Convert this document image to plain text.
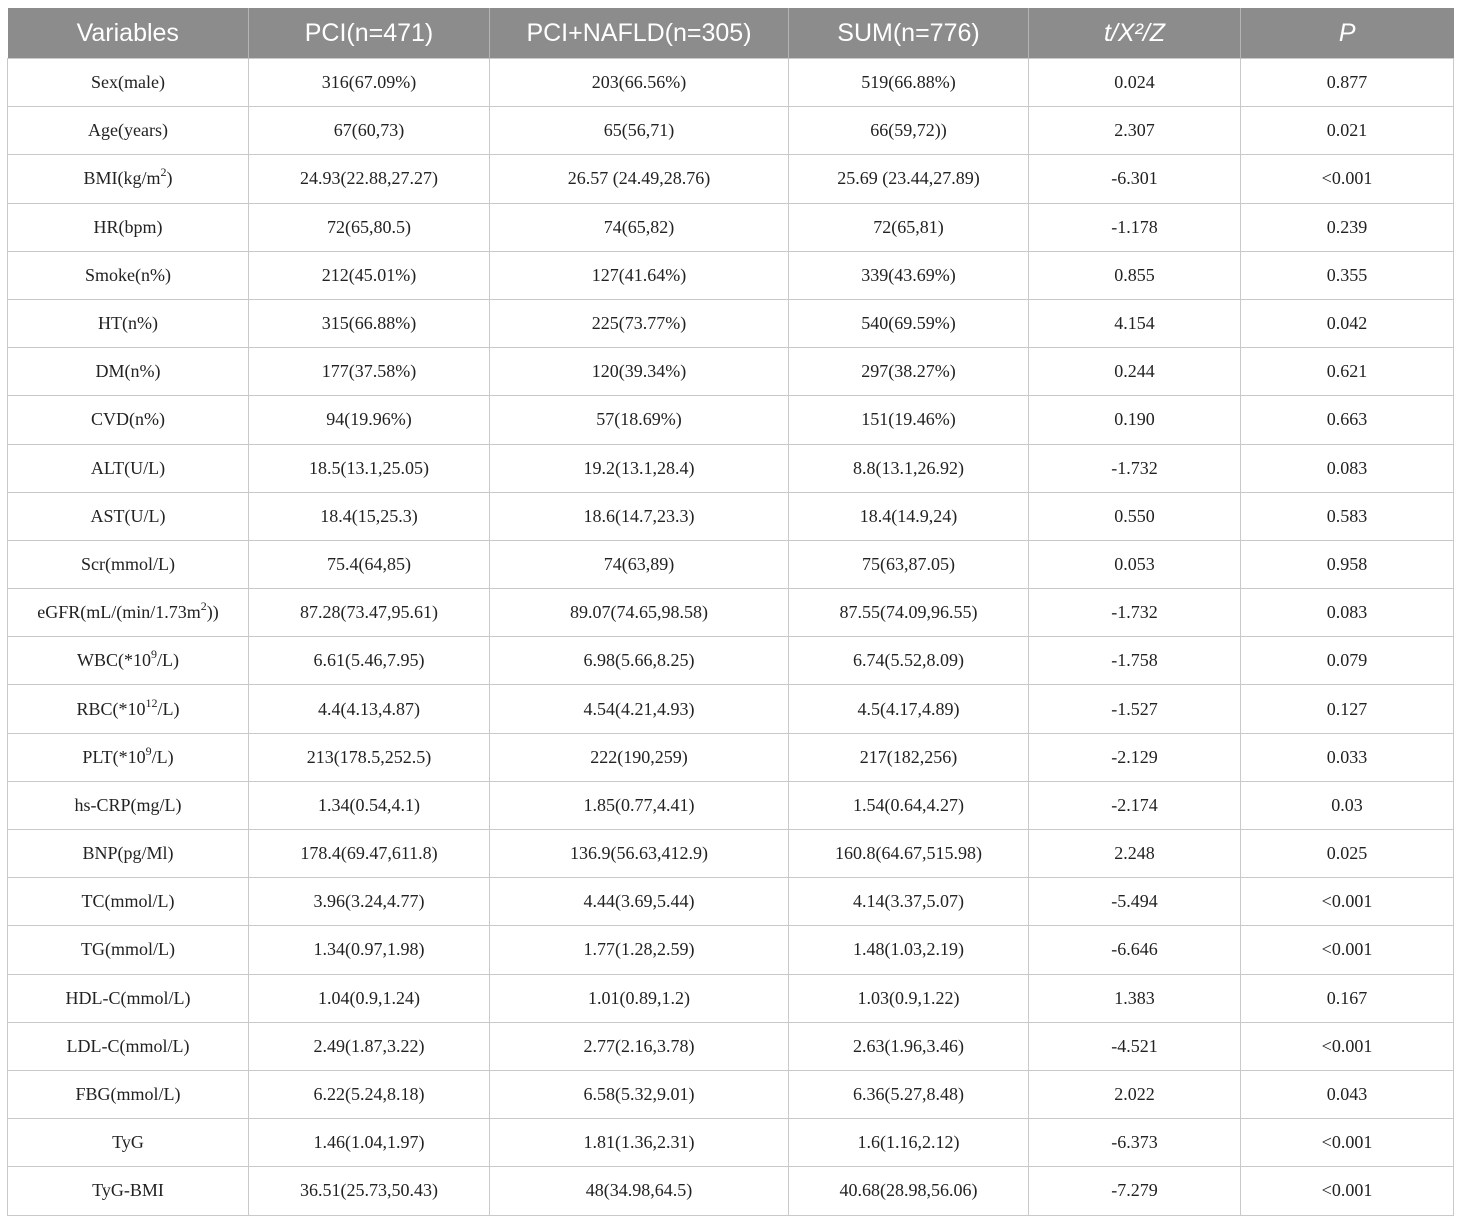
Variables	PCI(n=471)	PCI+NAFLD(n=305)	SUM(n=776)	t/X²/Z	P
Sex(male)	316(67.09%)	203(66.56%)	519(66.88%)	0.024	0.877
Age(years)	67(60,73)	65(56,71)	66(59,72))	2.307	0.021
$BMI(kg/m^2)$	24.93(22.88,27.27)	26.57 (24.49,28.76)	25.69 (23.44,27.89)	-6.301	<0.001
HR(bpm)	72(65,80.5)	74(65,82)	72(65,81)	-1.178	0.239
Smoke(n%)	212(45.01%)	127(41.64%)	339(43.69%)	0.855	0.355
HT(n%)	315(66.88%)	225(73.77%)	540(69.59%)	4.154	0.042
DM(n%)	177(37.58%)	120(39.34%)	297(38.27%)	0.244	0.621
CVD(n%)	94(19.96%)	57(18.69%)	151(19.46%)	0.190	0.663
ALT(U/L)	18.5(13.1,25.05)	19.2(13.1,28.4)	8.8(13.1,26.92)	-1.732	0.083
AST(U/L)	18.4(15,25.3)	18.6(14.7,23.3)	18.4(14.9,24)	0.550	0.583
Scr(mmol/L)	75.4(64,85)	74(63,89)	75(63,87.05)	0.053	0.958
$eGFR(mL/(\min/1.73m^2))$	87.28(73.47,95.61)	89.07(74.65,98.58)	87.55(74.09,96.55)	-1.732	0.083
$WBC(*10^9/L)$	6.61(5.46,7.95)	6.98(5.66,8.25)	6.74(5.52,8.09)	-1.758	0.079
$RBC(*10^{12}/L)$	4.4(4.13,4.87)	4.54(4.21,4.93)	4.5(4.17,4.89)	-1.527	0.127
$PLT(*10^9/L)$	213(178.5,252.5)	222(190,259)	217(182,256)	-2.129	0.033
hs-CRP(mg/L)	1.34(0.54,4.1)	1.85(0.77,4.41)	1.54(0.64,4.27)	-2.174	0.03
BNP(pg/Ml)	178.4(69.47,611.8)	136.9(56.63,412.9)	160.8(64.67,515.98)	2.248	0.025
TC(mmol/L)	3.96(3.24,4.77)	4.44(3.69,5.44)	4.14(3.37,5.07)	-5.494	<0.001
TG(mmol/L)	1.34(0.97,1.98)	1.77(1.28,2.59)	1.48(1.03,2.19)	-6.646	<0.001
HDL-C(mmol/L)	1.04(0.9,1.24)	1.01(0.89,1.2)	1.03(0.9,1.22)	1.383	0.167
LDL-C(mmol/L)	2.49(1.87,3.22)	2.77(2.16,3.78)	2.63(1.96,3.46)	-4.521	<0.001
FBG(mmol/L)	6.22(5.24,8.18)	6.58(5.32,9.01)	6.36(5.27,8.48)	2.022	0.043
TyG	1.46(1.04,1.97)	1.81(1.36,2.31)	1.6(1.16,2.12)	-6.373	<0.001
TyG-BMI	36.51(25.73,50.43)	48(34.98,64.5)	40.68(28.98,56.06)	-7.279	<0.001
